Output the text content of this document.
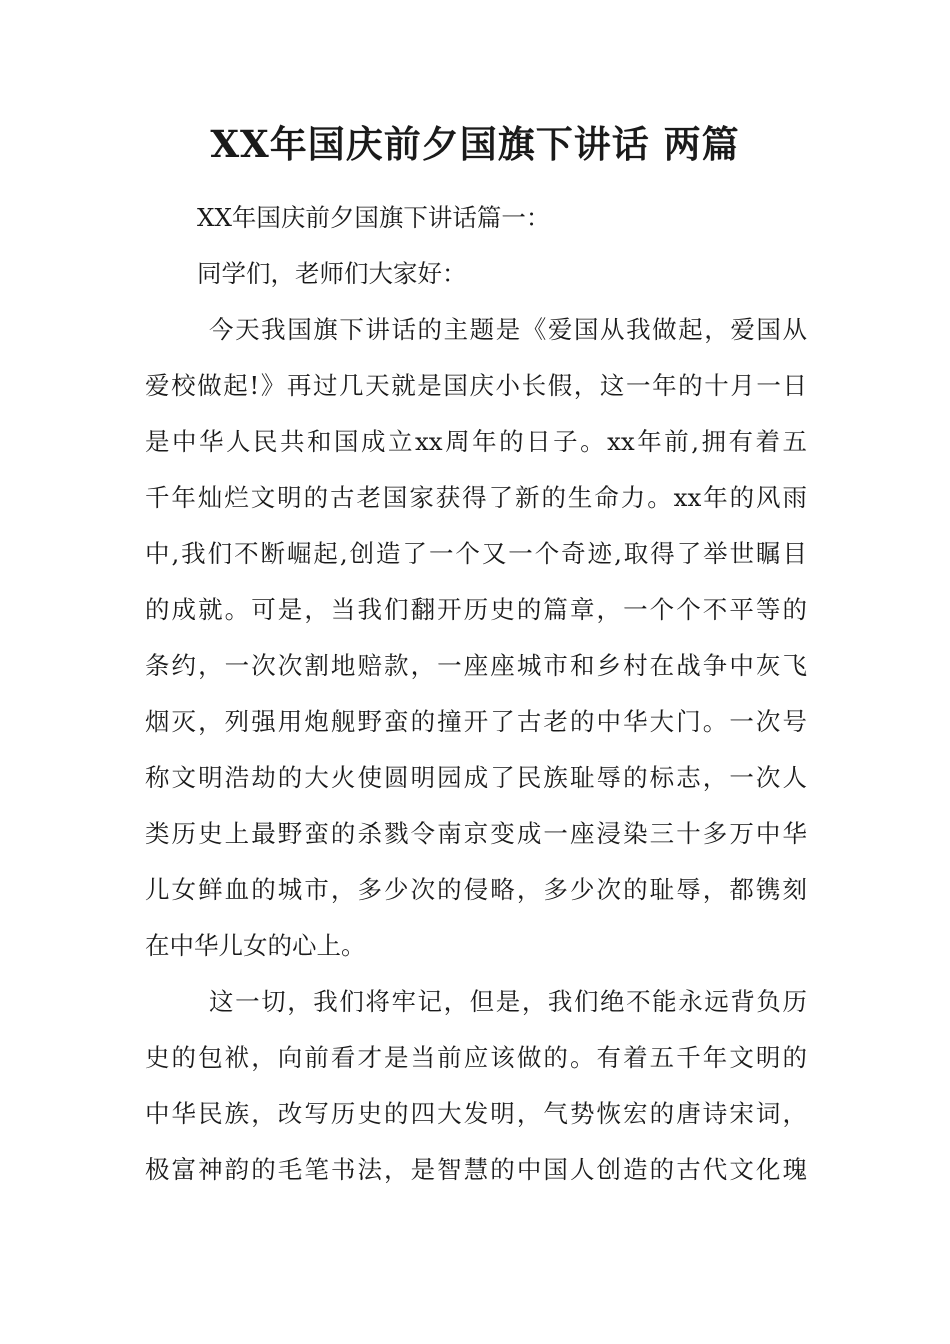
XX年国庆前夕国旗下讲话 两篇

XX年国庆前夕国旗下讲话篇一：

同学们，老师们大家好：

今天我国旗下讲话的主题是《爱国从我做起，爱国从

爱校做起!》再过几天就是国庆小长假，这一年的十月一日

是中华人民共和国成立xx周年的日子。xx年前,拥有着五

千年灿烂文明的古老国家获得了新的生命力。xx年的风雨

中,我们不断崛起,创造了一个又一个奇迹,取得了举世瞩目

的成就。可是，当我们翻开历史的篇章，一个个不平等的

条约，一次次割地赔款，一座座城市和乡村在战争中灰飞

烟灭，列强用炮舰野蛮的撞开了古老的中华大门。一次号

称文明浩劫的大火使圆明园成了民族耻辱的标志，一次人

类历史上最野蛮的杀戮令南京变成一座浸染三十多万中华

儿女鲜血的城市，多少次的侵略，多少次的耻辱，都镌刻

在中华儿女的心上。

这一切，我们将牢记，但是，我们绝不能永远背负历

史的包袱，向前看才是当前应该做的。有着五千年文明的

中华民族，改写历史的四大发明，气势恢宏的唐诗宋词，

极富神韵的毛笔书法，是智慧的中国人创造的古代文化瑰
